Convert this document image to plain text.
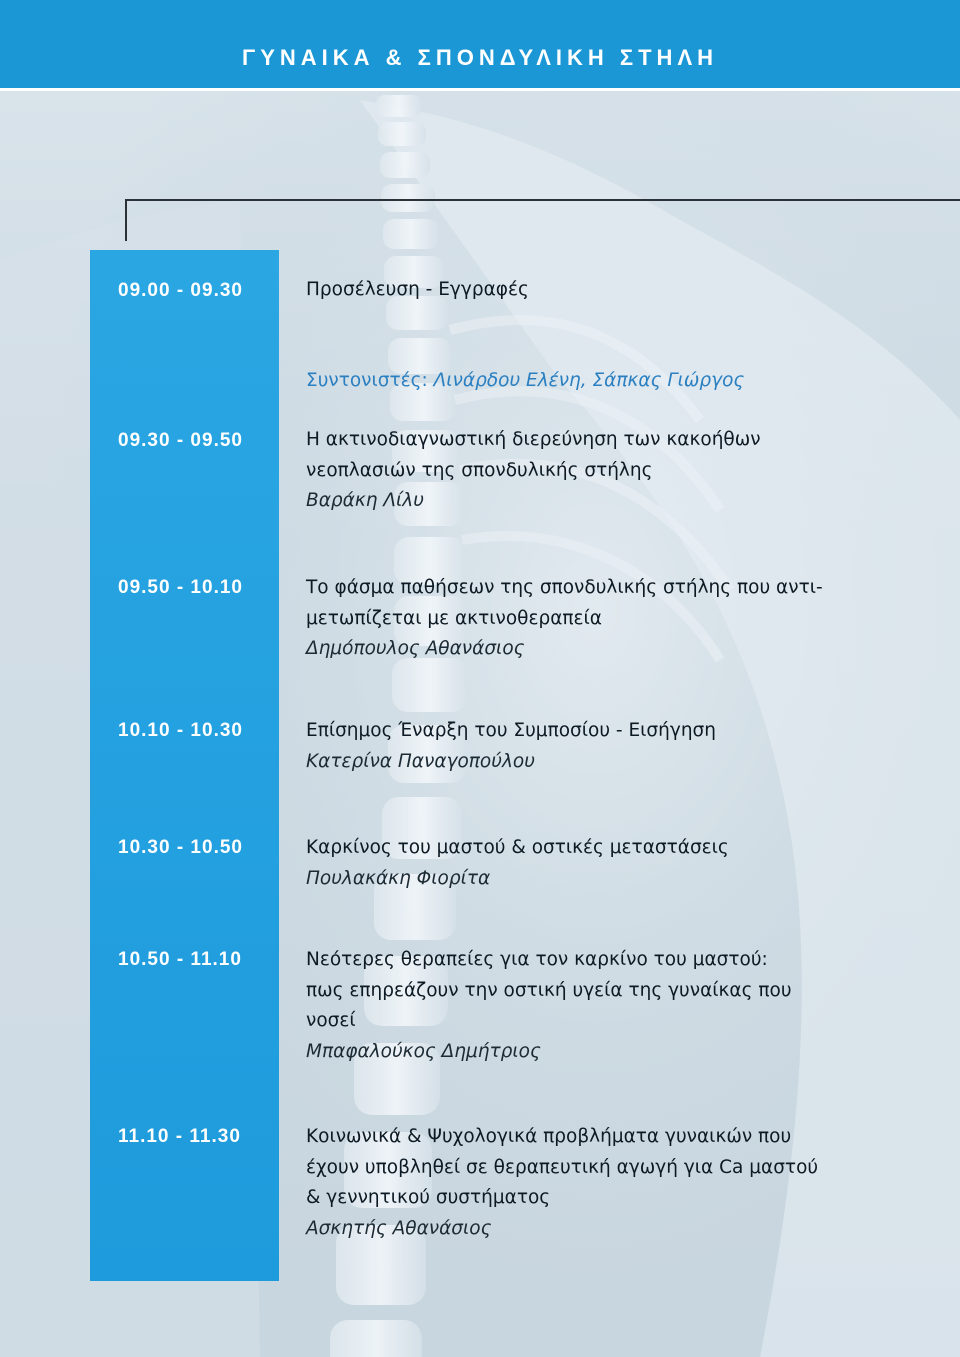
ΓΥΝΑΙΚΑ & ΣΠΟΝΔΥΛΙΚΗ ΣΤΗΛΗ
09.00 - 09.30	Προσέλευση - Εγγραφές
Συντονιστές: Λινάρδου Ελένη, Σάπκας Γιώργος
09.30 - 09.50	Η ακτινοδιαγνωστική διερεύνηση των κακοήθων
νεοπλασιών της σπονδυλικής στήλης
Βαράκη Λίλυ
09.50 - 10.10	Το φάσμα παθήσεων της σπονδυλικής στήλης που αντι-
μετωπίζεται με ακτινοθεραπεία
Δημόπουλος Αθανάσιος
10.10 - 10.30	Επίσημος Έναρξη του Συμποσίου - Εισήγηση
Κατερίνα Παναγοπούλου
10.30 - 10.50	Καρκίνος του μαστού & οστικές μεταστάσεις
Πουλακάκη Φιορίτα
10.50 - 11.10	Νεότερες θεραπείες για τον καρκίνο του μαστού:
πως επηρεάζουν την οστική υγεία της γυναίκας που
νοσεί
Μπαφαλούκος Δημήτριος
11.10 - 11.30	Κοινωνικά & Ψυχολογικά προβλήματα γυναικών που
έχουν υποβληθεί σε θεραπευτική αγωγή για Ca μαστού
& γεννητικού συστήματος
Ασκητής Αθανάσιος
